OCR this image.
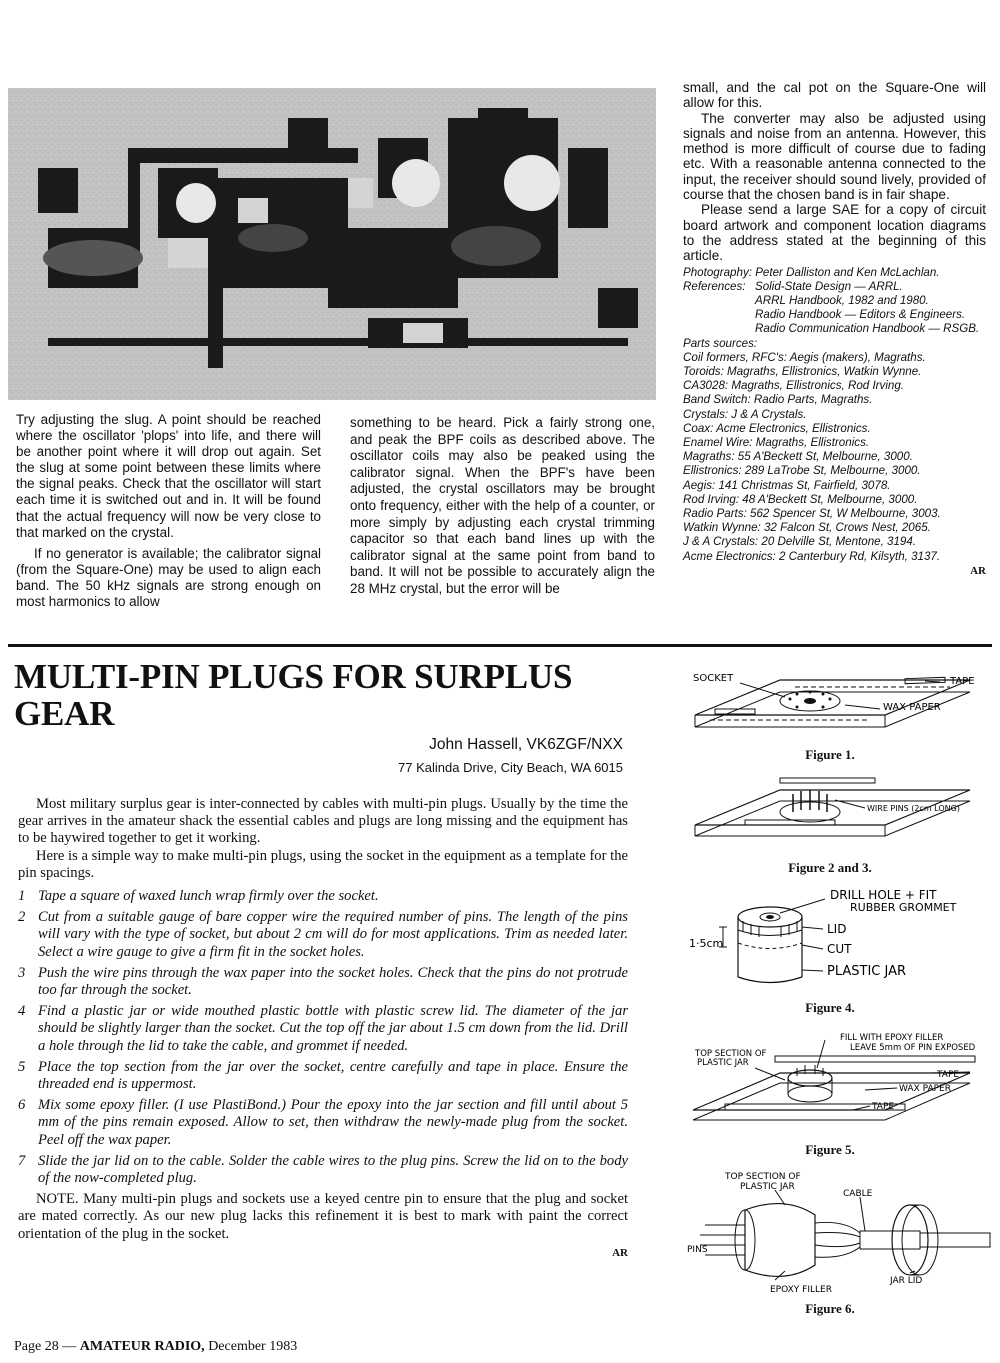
Try adjusting the slug. A point should be reached where the oscillator 'plops' into life, and there will be another point where it will drop out again. Set the slug at some point between these limits where the signal peaks. Check that the oscillator will start each time it is switched out and in. It will be found that the actual frequency will now be very close to that marked on the crystal.

If no generator is available; the calibrator signal (from the Square-One) may be used to align each band. The 50 kHz signals are strong enough on most harmonics to allow

something to be heard. Pick a fairly strong one, and peak the BPF coils as described above. The oscillator coils may also be peaked using the calibrator signal. When the BPF's have been adjusted, the crystal oscillators may be brought onto frequency, either with the help of a counter, or more simply by adjusting each crystal trimming capacitor so that each band lines up with the calibrator signal at the same point from band to band. It will not be possible to accurately align the 28 MHz crystal, but the error will be

small, and the cal pot on the Square-One will allow for this.

The converter may also be adjusted using signals and noise from an antenna. However, this method is more difficult of course due to fading etc. With a reasonable antenna connected to the input, the receiver should sound lively, provided of course that the chosen band is in fair shape.

Please send a large SAE for a copy of circuit board artwork and component location diagrams to the address stated at the beginning of this article.

Photography: Peter Dalliston and Ken McLachlan.

References: Solid-State Design — ARRL.
ARRL Handbook, 1982 and 1980.
Radio Handbook — Editors & Engineers.
Radio Communication Handbook — RSGB.
Parts sources:
Coil formers, RFC's: Aegis (makers), Magraths.
Toroids: Magraths, Ellistronics, Watkin Wynne.
CA3028: Magraths, Ellistronics, Rod Irving.
Band Switch: Radio Parts, Magraths.
Crystals: J & A Crystals.
Coax: Acme Electronics, Ellistronics.
Enamel Wire: Magraths, Ellistronics.
Magraths: 55 A'Beckett St, Melbourne, 3000.
Ellistronics: 289 LaTrobe St, Melbourne, 3000.
Aegis: 141 Christmas St, Fairfield, 3078.
Rod Irving: 48 A'Beckett St, Melbourne, 3000.
Radio Parts: 562 Spencer St, W Melbourne, 3003.
Watkin Wynne: 32 Falcon St, Crows Nest, 2065.
J & A Crystals: 20 Delville St, Mentone, 3194.
Acme Electronics: 2 Canterbury Rd, Kilsyth, 3137.
AR
MULTI-PIN PLUGS FOR SURPLUS GEAR
John Hassell, VK6ZGF/NXX
77 Kalinda Drive, City Beach, WA 6015

Most military surplus gear is inter-connected by cables with multi-pin plugs. Usually by the time the gear arrives in the amateur shack the essential cables and plugs are long missing and the equipment has to be haywired together to get it working.

Here is a simple way to make multi-pin plugs, using the socket in the equipment as a template for the pin spacings.

1 Tape a square of waxed lunch wrap firmly over the socket.
2 Cut from a suitable gauge of bare copper wire the required number of pins. The length of the pins will vary with the type of socket, but about 2 cm will do for most applications. Trim as needed later. Select a wire gauge to give a firm fit in the socket holes.
3 Push the wire pins through the wax paper into the socket holes. Check that the pins do not protrude too far through the socket.
4 Find a plastic jar or wide mouthed plastic bottle with plastic screw lid. The diameter of the jar should be slightly larger than the socket. Cut the top off the jar about 1.5 cm down from the lid. Drill a hole through the lid to take the cable, and grommet if needed.
5 Place the top section from the jar over the socket, centre carefully and tape in place. Ensure the threaded end is uppermost.
6 Mix some epoxy filler. (I use PlastiBond.) Pour the epoxy into the jar section and fill until about 5 mm of the pins remain exposed. Allow to set, then withdraw the newly-made plug from the socket. Peel off the wax paper.
7 Slide the jar lid on to the cable. Solder the cable wires to the plug pins. Screw the lid on to the body of the now-completed plug.

NOTE. Many multi-pin plugs and sockets use a keyed centre pin to ensure that the plug and socket are mated correctly. As our new plug lacks this refinement it is best to mark with paint the correct orientation of the plug in the socket.

AR
SOCKET	TAPE
WAX PAPER
Figure 1.
WIRE PINS (2cm LONG)
Figure 2 and 3.
DRILL HOLE + FIT
RUBBER GROMMET
LID
CUT
PLASTIC JAR
1·5cm
Figure 4.
FILL WITH EPOXY FILLER
LEAVE 5mm OF PIN EXPOSED
TOP SECTION OF
PLASTIC JAR
TAPE
WAX PAPER
TAPE
Figure 5.
TOP SECTION OF
PLASTIC JAR
CABLE
PINS
EPOXY FILLER
JAR LID
Figure 6.
Page 28 — AMATEUR RADIO, December 1983
